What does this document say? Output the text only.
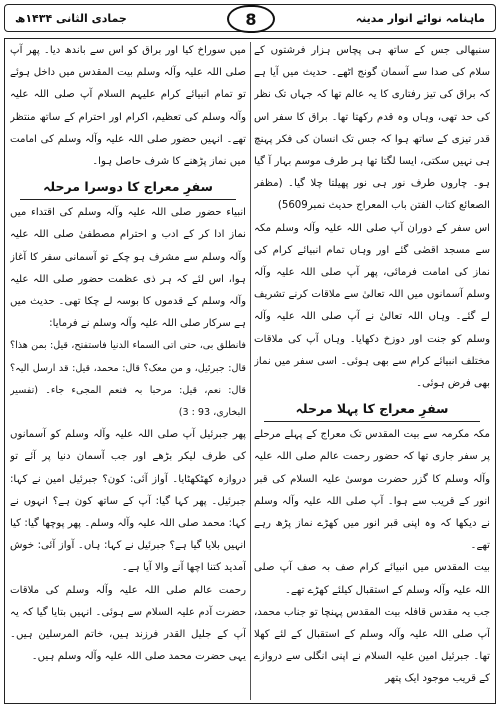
جمادی الثانی ۱۴۳۴ھ	ماہنامہ نوائے انوار مدینہ
8

سنبھالی جس کے ساتھ ہی پچاس ہزار فرشتوں کے سلام کی صدا سے آسمان گونج اٹھے۔ حدیث میں آیا ہے کہ براق کی تیز رفتاری کا یہ عالم تھا کہ جہاں تک نظر کی حد تھی، وہاں وہ قدم رکھتا تھا۔ براق کا سفر اس قدر تیزی کے ساتھ ہوا کہ جس تک انسان کی فکر پہنچ ہی نہیں سکتی، ایسا لگتا تھا ہر طرف موسم بہار آ گیا ہو۔ چاروں طرف نور ہی نور پھیلتا چلا گیا۔ (مظفر الصعائع کتاب الفتن باب المعراج حدیث نمبر5609)

اس سفر کے دوران آپ صلی اللہ علیہ وآلہ وسلم مکہ سے مسجد اقصٰی گئے اور وہاں تمام انبیائے کرام کی نماز کی امامت فرمائی، پھر آپ صلی اللہ علیہ وآلہ وسلم آسمانوں میں اللہ تعالیٰ سے ملاقات کرنے تشریف لے گئے۔ وہاں اللہ تعالیٰ نے آپ صلی اللہ علیہ وآلہ وسلم کو جنت اور دوزخ دکھایا۔ وہاں آپ کی ملاقات مختلف انبیائے کرام سے بھی ہوئی۔ اسی سفر میں نماز بھی فرض ہوئی۔

سفرِ معراج کا پہلا مرحلہ

مکہ مکرمہ سے بیت المقدس تک معراج کے پہلے مرحلے پر سفر جاری تھا کہ حضور رحمت عالم صلی اللہ علیہ وآلہ وسلم کا گزر حضرت موسیٰ علیہ السلام کی قبر انور کے قریب سے ہوا۔ آپ صلی اللہ علیہ وآلہ وسلم نے دیکھا کہ وہ اپنی قبر انور میں کھڑے نماز پڑھ رہے تھے۔

بیت المقدس میں انبیائے کرام صف بہ صف آپ صلی اللہ علیہ وآلہ وسلم کے استقبال کیلئے کھڑے تھے۔

جب یہ مقدس قافلہ بیت المقدس پہنچا تو جناب محمد، آپ صلی اللہ علیہ وآلہ وسلم کے استقبال کے لئے کھلا تھا۔ جبرئیل امین علیہ السلام نے اپنی انگلی سے دروازے کے قریب موجود ایک پتھر

میں سوراخ کیا اور براق کو اس سے باندھ دیا۔ پھر آپ صلی اللہ علیہ وآلہ وسلم بیت المقدس میں داخل ہوئے تو تمام انبیائے کرام علیہم السلام آپ صلی اللہ علیہ وآلہ وسلم کی تعظیم، اکرام اور احترام کے ساتھ منتظر تھے۔ انہیں حضور صلی اللہ علیہ وآلہ وسلم کی امامت میں نماز پڑھنے کا شرف حاصل ہوا۔

سفرِ معراج کا دوسرا مرحلہ

انبیاء حضور صلی اللہ علیہ وآلہ وسلم کی اقتداء میں نماز ادا کر کے ادب و احترام مصطفیٰ صلی اللہ علیہ وآلہ وسلم سے مشرف ہو چکے تو آسمانی سفر کا آغاز ہوا، اس لئے کہ ہر ذی عظمت حضور صلی اللہ علیہ وآلہ وسلم کے قدموں کا بوسہ لے چکا تھی۔ حدیث میں ہے سرکار صلی اللہ علیہ وآلہ وسلم نے فرمایا:

فانطلق بی، حتی اتی السماء الدنیا فاستفتح، قیل: بمن ھذا؟ قال: جبرئیل، و من معک؟ قال: محمد، قیل: قد ارسل الیہ؟ قال: نعم، قیل: مرحبا بہ فنعم المجیء جاء۔ (تفسیر البخاری، 93 : 3)

پھر جبرئیل آپ صلی اللہ علیہ وآلہ وسلم کو آسمانوں کی طرف لیکر بڑھے اور جب آسمان دنیا پر آئے تو دروازہ کھٹکھٹایا۔ آواز آئی: کون؟ جبرئیل امین نے کہا: جبرئیل۔ پھر کہا گیا: آپ کے ساتھ کون ہے؟ انہوں نے کہا: محمد صلی اللہ علیہ وآلہ وسلم۔ پھر پوچھا گیا: کیا انہیں بلایا گیا ہے؟ جبرئیل نے کہا: ہاں۔ آواز آئی: خوش آمدید کتنا اچھا آنے والا آیا ہے۔

رحمت عالم صلی اللہ علیہ وآلہ وسلم کی ملاقات حضرت آدم علیہ السلام سے ہوئی۔ انہیں بتایا گیا کہ یہ آپ کے جلیل القدر فرزند ہیں، خاتم المرسلین ہیں۔ یہی حضرت محمد صلی اللہ علیہ وآلہ وسلم ہیں۔
